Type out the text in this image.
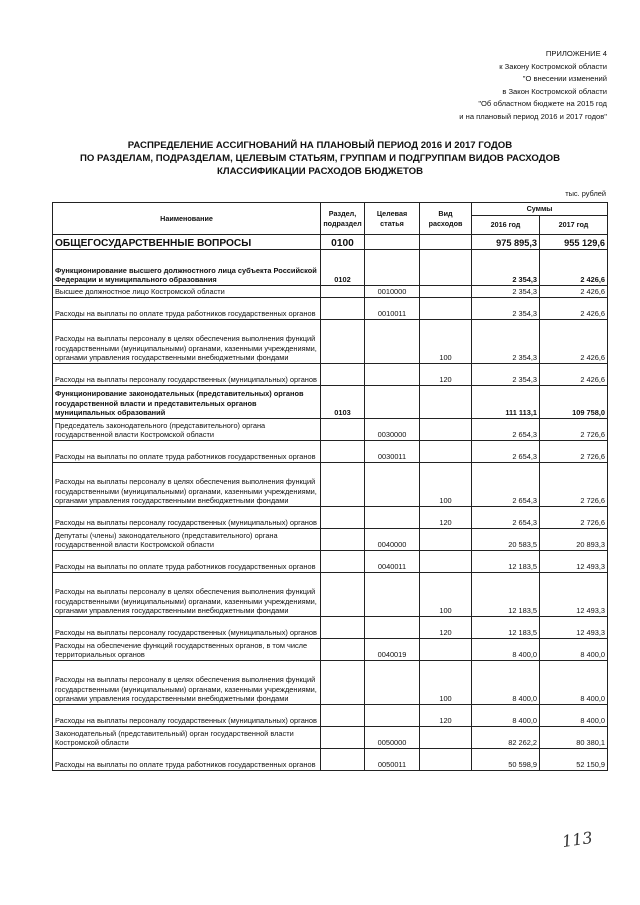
ПРИЛОЖЕНИЕ 4
к Закону Костромской области
"О внесении изменений
в Закон Костромской области
"Об областном бюджете на 2015 год
и на плановый период 2016 и 2017 годов"
РАСПРЕДЕЛЕНИЕ АССИГНОВАНИЙ НА ПЛАНОВЫЙ ПЕРИОД 2016 И 2017 ГОДОВ
ПО РАЗДЕЛАМ, ПОДРАЗДЕЛАМ, ЦЕЛЕВЫМ СТАТЬЯМ, ГРУППАМ И ПОДГРУППАМ ВИДОВ РАСХОДОВ
КЛАССИФИКАЦИИ РАСХОДОВ БЮДЖЕТОВ
тыс. рублей
Наименование	Раздел, подраздел	Целевая статья	Вид расходов	Суммы	
				2016 год	2017 год
ОБЩЕГОСУДАРСТВЕННЫЕ ВОПРОСЫ	0100			975 895,3	955 129,6
Функционирование высшего должностного лица субъекта Российской Федерации и муниципального образования	0102			2 354,3	2 426,6
Высшее должностное лицо Костромской области		0010000		2 354,3	2 426,6
Расходы на выплаты по оплате труда работников государственных органов		0010011		2 354,3	2 426,6
Расходы на выплаты персоналу в целях обеспечения выполнения функций государственными (муниципальными) органами, казенными учреждениями, органами управления государственными внебюджетными фондами			100	2 354,3	2 426,6
Расходы на выплаты персоналу государственных (муниципальных) органов			120	2 354,3	2 426,6
Функционирование законодательных (представительных) органов государственной власти и представительных органов муниципальных образований	0103			111 113,1	109 758,0
Председатель законодательного (представительного) органа государственной власти Костромской области		0030000		2 654,3	2 726,6
Расходы на выплаты по оплате труда работников государственных органов		0030011		2 654,3	2 726,6
Расходы на выплаты персоналу в целях обеспечения выполнения функций государственными (муниципальными) органами, казенными учреждениями, органами управления государственными внебюджетными фондами			100	2 654,3	2 726,6
Расходы на выплаты персоналу государственных (муниципальных) органов			120	2 654,3	2 726,6
Депутаты (члены) законодательного (представительного) органа государственной власти Костромской области		0040000		20 583,5	20 893,3
Расходы на выплаты по оплате труда работников государственных органов		0040011		12 183,5	12 493,3
Расходы на выплаты персоналу в целях обеспечения выполнения функций государственными (муниципальными) органами, казенными учреждениями, органами управления государственными внебюджетными фондами			100	12 183,5	12 493,3
Расходы на выплаты персоналу государственных (муниципальных) органов			120	12 183,5	12 493,3
Расходы на обеспечение функций государственных органов, в том числе территориальных органов		0040019		8 400,0	8 400,0
Расходы на выплаты персоналу в целях обеспечения выполнения функций государственными (муниципальными) органами, казенными учреждениями, органами управления государственными внебюджетными фондами			100	8 400,0	8 400,0
Расходы на выплаты персоналу государственных (муниципальных) органов			120	8 400,0	8 400,0
Законодательный (представительный) орган государственной власти Костромской области		0050000		82 262,2	80 380,1
Расходы на выплаты по оплате труда работников государственных органов		0050011		50 598,9	52 150,9
113
